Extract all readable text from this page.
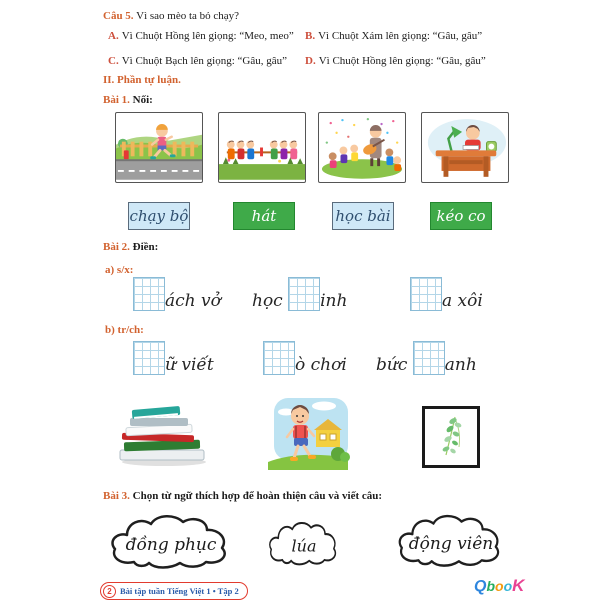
Câu 5. Vì sao mèo ta bỏ chạy?
A. Vì Chuột Hồng lên giọng: “Meo, meo” B. Vì Chuột Xám lên giọng: “Gâu, gâu”
C. Vì Chuột Bạch lên giọng: “Gâu, gâu” D. Vì Chuột Hồng lên giọng: “Gâu, gâu”
II. Phần tự luận.
Bài 1. Nối:
chạy bộ	hát	học bài	kéo co
Bài 2. Điền:
a) s/x:
ách vở học inh	a xôi
b) tr/ch:
ữ viết	ò chơi bức anh
Bài 3. Chọn từ ngữ thích hợp để hoàn thiện câu và viết câu:
đồng phục	lúa	động viên
2 Bài tập tuần Tiếng Việt 1 • Tập 2	QbooK
